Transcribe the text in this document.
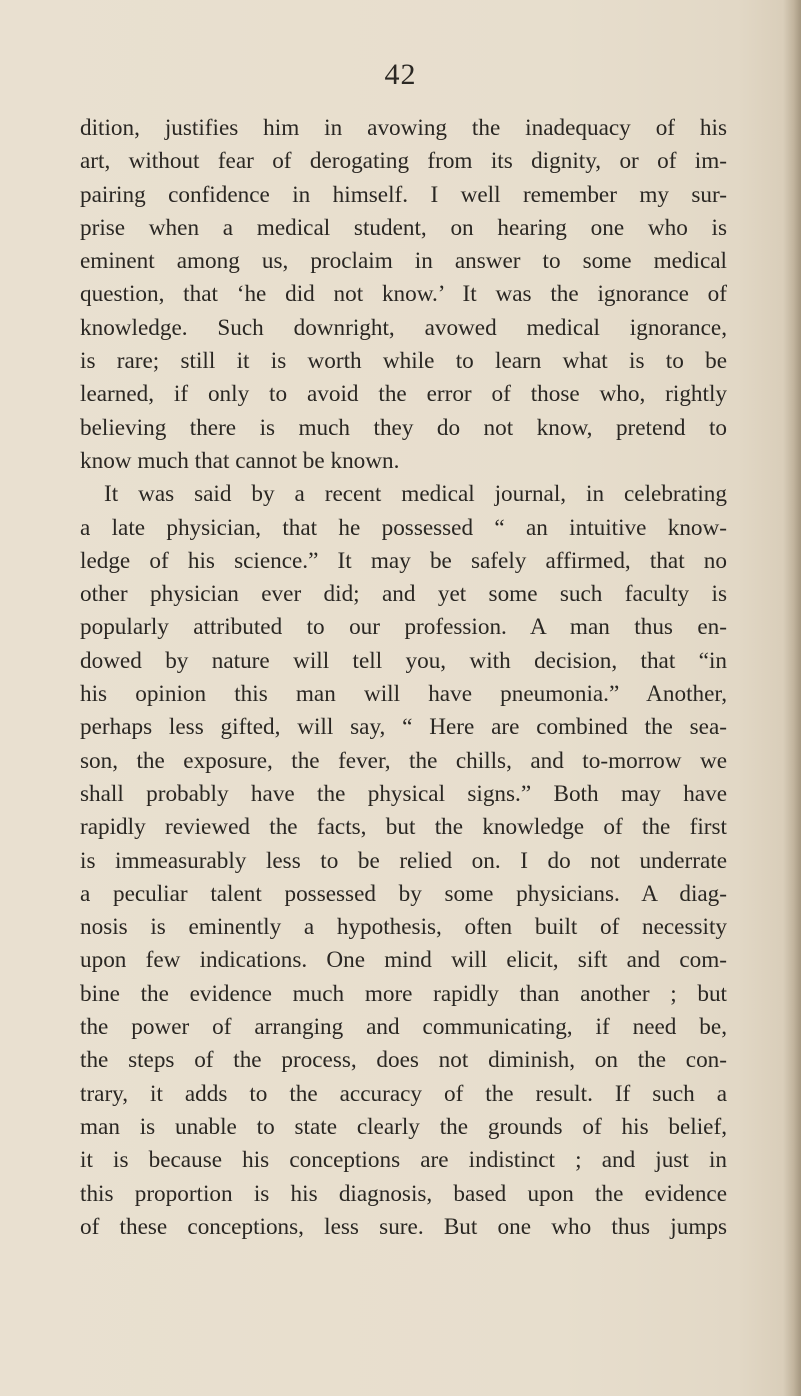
42
dition, justifies him in avowing the inadequacy of his
art, without fear of derogating from its dignity, or of im-
pairing confidence in himself. I well remember my sur-
prise when a medical student, on hearing one who is
eminent among us, proclaim in answer to some medical
question, that ‘he did not know.’ It was the ignorance of
knowledge. Such downright, avowed medical ignorance,
is rare; still it is worth while to learn what is to be
learned, if only to avoid the error of those who, rightly
believing there is much they do not know, pretend to
know much that cannot be known.
It was said by a recent medical journal, in celebrating
a late physician, that he possessed “ an intuitive know-
ledge of his science.” It may be safely affirmed, that no
other physician ever did; and yet some such faculty is
popularly attributed to our profession. A man thus en-
dowed by nature will tell you, with decision, that “in
his opinion this man will have pneumonia.” Another,
perhaps less gifted, will say, “ Here are combined the sea-
son, the exposure, the fever, the chills, and to-morrow we
shall probably have the physical signs.” Both may have
rapidly reviewed the facts, but the knowledge of the first
is immeasurably less to be relied on. I do not underrate
a peculiar talent possessed by some physicians. A diag-
nosis is eminently a hypothesis, often built of necessity
upon few indications. One mind will elicit, sift and com-
bine the evidence much more rapidly than another ; but
the power of arranging and communicating, if need be,
the steps of the process, does not diminish, on the con-
trary, it adds to the accuracy of the result. If such a
man is unable to state clearly the grounds of his belief,
it is because his conceptions are indistinct ; and just in
this proportion is his diagnosis, based upon the evidence
of these conceptions, less sure. But one who thus jumps
